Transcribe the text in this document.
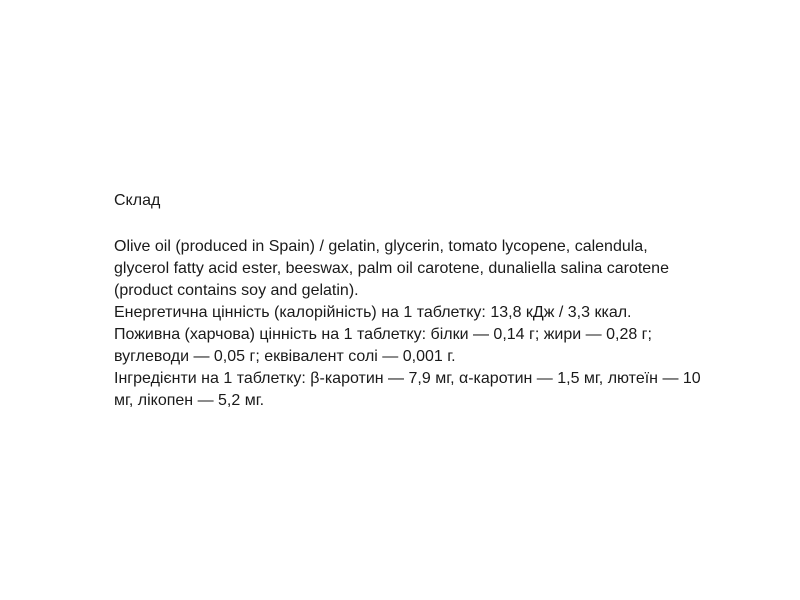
Склад

Olive oil (produced in Spain) / gelatin, glycerin, tomato lycopene, calendula,
glycerol fatty acid ester, beeswax, palm oil carotene, dunaliella salina carotene
(product contains soy and gelatin).
Енергетична цінність (калорійність) на 1 таблетку: 13,8 кДж / 3,3 ккал.
Поживна (харчова) цінність на 1 таблетку: білки — 0,14 г; жири — 0,28 г;
вуглеводи — 0,05 г; еквівалент солі — 0,001 г.
Інгредієнти на 1 таблетку: β-каротин — 7,9 мг, α-каротин — 1,5 мг, лютеїн — 10
мг, лікопен — 5,2 мг.
